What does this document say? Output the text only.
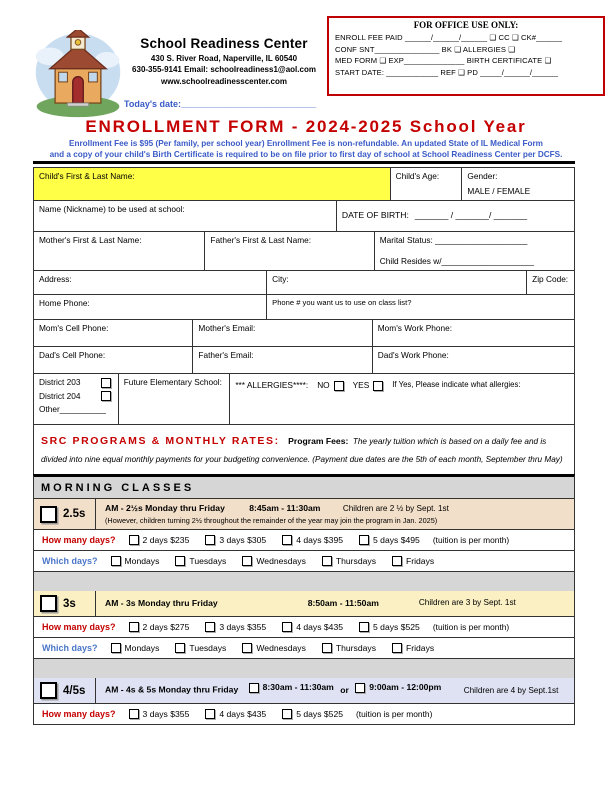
FOR OFFICE USE ONLY:
ENROLL FEE PAID ______/______/______ ❑ CC ❑ CK#______
CONF SNT_______________ BK ❑ ALLERGIES ❑
MED FORM ❑ EXP______________ BIRTH CERTIFICATE ❑
START DATE: ____________ REF ❑ PD _____/______/______
School Readiness Center
430 S. River Road, Naperville, IL 60540
630-355-9141 Email: schoolreadiness1@aol.com
www.schoolreadinesscenter.com
Today's date:___________________________
ENROLLMENT FORM - 2024-2025 School Year
Enrollment Fee is $95 (Per family, per school year) Enrollment Fee is non-refundable. An updated State of IL Medical Form
and a copy of your child's Birth Certificate is required to be on file prior to first day of school at School Readiness Center per DCFS.
Child's First & Last Name:	Child's Age:	Gender:
MALE / FEMALE
Name (Nickname) to be used at school:
DATE OF BIRTH: _______ / _______/ _______
Mother's First & Last Name:	Father's First & Last Name:	Marital Status: ____________________
Child Resides w/____________________
Address:	City:	Zip Code:
Home Phone:	Phone # you want us to use on class list?
Mom's Cell Phone:	Mother's Email:	Mom's Work Phone:
Dad's Cell Phone:	Father's Email:	Dad's Work Phone:
District 203
District 204
Other__________
Future Elementary School:	*** ALLERGIES****: NO	YES	If Yes, Please indicate what allergies:
SRC PROGRAMS & MONTHLY RATES: Program Fees: The yearly tuition which is based on a daily fee and is divided into nine equal monthly payments for your budgeting convenience. (Payment due dates are the 5th of each month, September thru May)
MORNING CLASSES
2.5s
AM - 2½s Monday thru Friday	8:45am - 11:30am	Children are 2 ½ by Sept. 1st
(However, children turning 2½ throughout the remainder of the year may join the program in Jan. 2025)
How many days?	2 days $235	3 days $305	4 days $395	5 days $495 (tuition is per month)
Which days?	Mondays	Tuesdays	Wednesdays	Thursdays	Fridays
3s	AM - 3s Monday thru Friday	8:50am - 11:50am	Children are 3 by Sept. 1st
How many days?	2 days $275	3 days $355	4 days $435	5 days $525 (tuition is per month)
Which days?	Mondays	Tuesdays	Wednesdays	Thursdays	Fridays
4/5s	AM - 4s & 5s Monday thru Friday	8:30am - 11:30am or 9:00am - 12:00pm	Children are 4 by Sept.1st
How many days?	3 days $355	4 days $435	5 days $525 (tuition is per month)
